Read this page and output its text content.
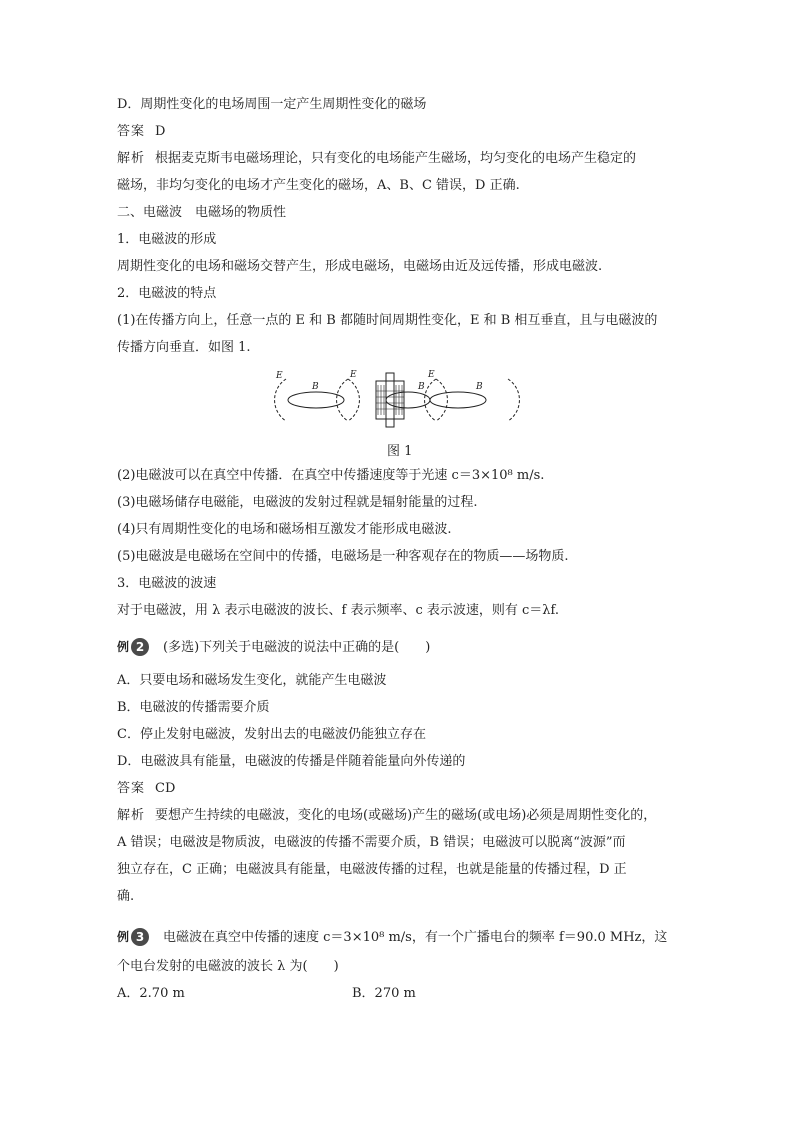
D．周期性变化的电场周围一定产生周期性变化的磁场
答案 D
解析 根据麦克斯韦电磁场理论，只有变化的电场能产生磁场，均匀变化的电场产生稳定的
磁场，非均匀变化的电场才产生变化的磁场，A、B、C 错误，D 正确.
二、电磁波　电磁场的物质性
1．电磁波的形成
周期性变化的电场和磁场交替产生，形成电磁场，电磁场由近及远传播，形成电磁波.
2．电磁波的特点
(1)在传播方向上，任意一点的 E 和 B 都随时间周期性变化，E 和 B 相互垂直，且与电磁波的
传播方向垂直．如图 1.
E
B
E	E
B	B
图 1
(2)电磁波可以在真空中传播．在真空中传播速度等于光速 c＝3×10⁸ m/s.
(3)电磁场储存电磁能，电磁波的发射过程就是辐射能量的过程.
(4)只有周期性变化的电场和磁场相互激发才能形成电磁波.
(5)电磁波是电磁场在空间中的传播，电磁场是一种客观存在的物质——场物质.
3．电磁波的波速
对于电磁波，用 λ 表示电磁波的波长、f 表示频率、c 表示波速，则有 c＝λf.
例 2	(多选)下列关于电磁波的说法中正确的是(　　)
A．只要电场和磁场发生变化，就能产生电磁波
B．电磁波的传播需要介质
C．停止发射电磁波，发射出去的电磁波仍能独立存在
D．电磁波具有能量，电磁波的传播是伴随着能量向外传递的
答案 CD
解析 要想产生持续的电磁波，变化的电场(或磁场)产生的磁场(或电场)必须是周期性变化的，
A 错误；电磁波是物质波，电磁波的传播不需要介质，B 错误；电磁波可以脱离“波源”而
独立存在，C 正确；电磁波具有能量，电磁波传播的过程，也就是能量的传播过程，D 正
确.
例 3	电磁波在真空中传播的速度 c＝3×10⁸ m/s，有一个广播电台的频率 f＝90.0 MHz，这
个电台发射的电磁波的波长 λ 为(　　)
A．2.70 m	B．270 m
